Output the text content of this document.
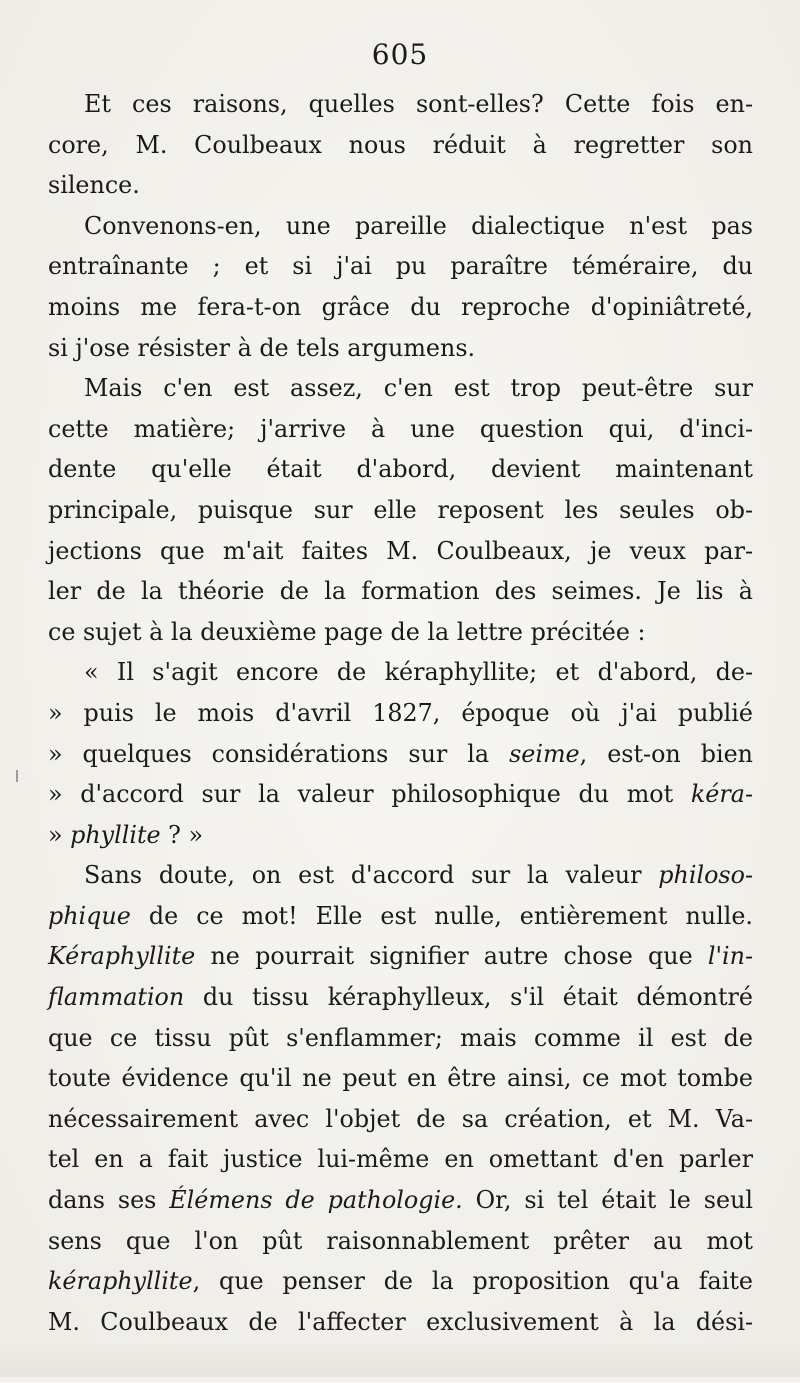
605
Et ces raisons, quelles sont-elles? Cette fois en-
core, M. Coulbeaux nous réduit à regretter son
silence.
Convenons-en, une pareille dialectique n'est pas
entraînante ; et si j'ai pu paraître téméraire, du
moins me fera-t-on grâce du reproche d'opiniâtreté,
si j'ose résister à de tels argumens.
Mais c'en est assez, c'en est trop peut-être sur
cette matière; j'arrive à une question qui, d'inci-
dente qu'elle était d'abord, devient maintenant
principale, puisque sur elle reposent les seules ob-
jections que m'ait faites M. Coulbeaux, je veux par-
ler de la théorie de la formation des seimes. Je lis à
ce sujet à la deuxième page de la lettre précitée :
« Il s'agit encore de kéraphyllite; et d'abord, de-
» puis le mois d'avril 1827, époque où j'ai publié
» quelques considérations sur la seime, est-on bien
» d'accord sur la valeur philosophique du mot kéra-
» phyllite ? »
Sans doute, on est d'accord sur la valeur philoso-
phique de ce mot! Elle est nulle, entièrement nulle.
Kéraphyllite ne pourrait signifier autre chose que l'in-
flammation du tissu kéraphylleux, s'il était démontré
que ce tissu pût s'enflammer; mais comme il est de
toute évidence qu'il ne peut en être ainsi, ce mot tombe
nécessairement avec l'objet de sa création, et M. Va-
tel en a fait justice lui-même en omettant d'en parler
dans ses Élémens de pathologie. Or, si tel était le seul
sens que l'on pût raisonnablement prêter au mot
kéraphyllite, que penser de la proposition qu'a faite
M. Coulbeaux de l'affecter exclusivement à la dési-
